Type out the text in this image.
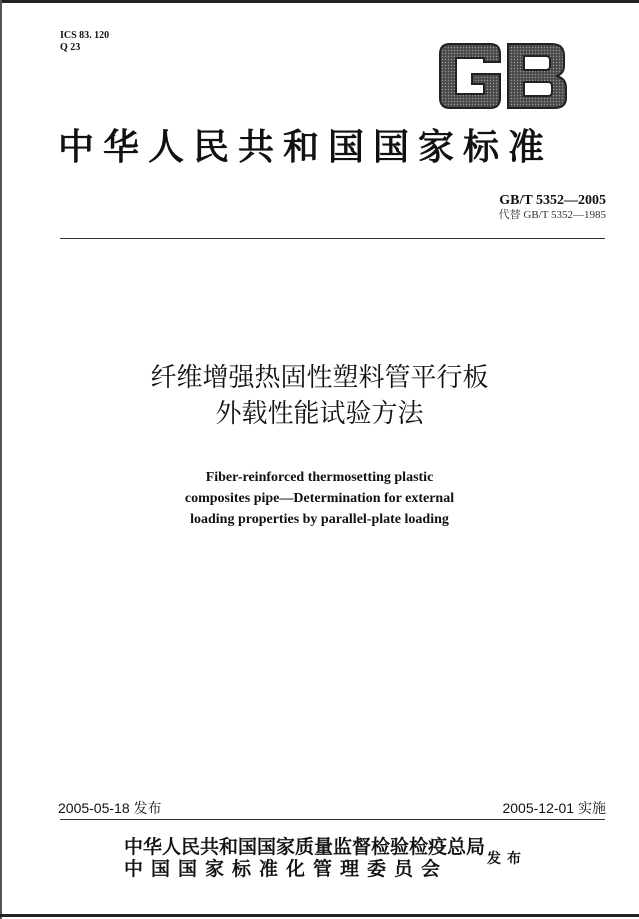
ICS 83. 120
Q 23
中华人民共和国国家标准
GB/T 5352—2005
代替 GB/T 5352—1985
纤维增强热固性塑料管平行板
外载性能试验方法
Fiber-reinforced thermosetting plastic
composites pipe—Determination for external
loading properties by parallel-plate loading
2005-05-18 发布	2005-12-01 实施
中华人民共和国国家质量监督检验检疫总局
中国国家标准化管理委员会	发布
